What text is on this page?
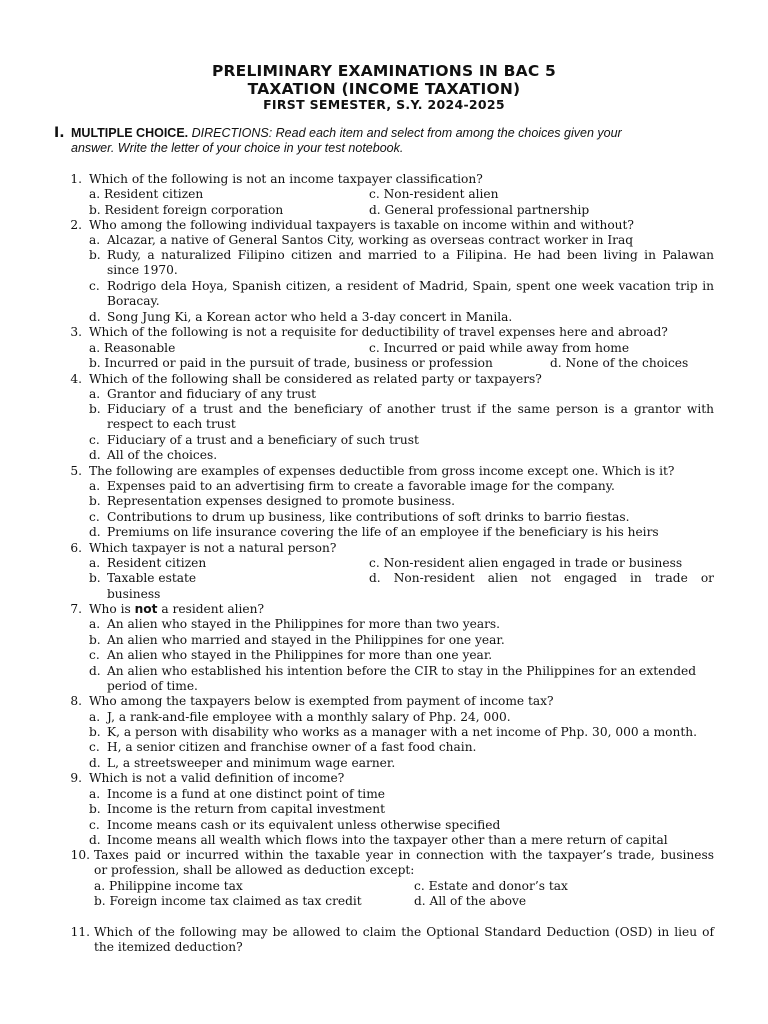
PRELIMINARY EXAMINATIONS IN BAC 5
TAXATION (INCOME TAXATION)
FIRST SEMESTER, S.Y. 2024-2025
I. MULTIPLE CHOICE. DIRECTIONS: Read each item and select from among the choices given your
answer. Write the letter of your choice in your test notebook.
1. Which of the following is not an income taxpayer classification?
a. Resident citizen	c. Non-resident alien
b. Resident foreign corporation	d. General professional partnership
2. Who among the following individual taxpayers is taxable on income within and without?
a. Alcazar, a native of General Santos City, working as overseas contract worker in Iraq
b. Rudy, a naturalized Filipino citizen and married to a Filipina. He had been living in Palawan
since 1970.
c. Rodrigo dela Hoya, Spanish citizen, a resident of Madrid, Spain, spent one week vacation trip in
Boracay.
d. Song Jung Ki, a Korean actor who held a 3-day concert in Manila.
3. Which of the following is not a requisite for deductibility of travel expenses here and abroad?
a. Reasonable	c. Incurred or paid while away from home
b. Incurred or paid in the pursuit of trade, business or profession	d. None of the choices
4. Which of the following shall be considered as related party or taxpayers?
a. Grantor and fiduciary of any trust
b. Fiduciary of a trust and the beneficiary of another trust if the same person is a grantor with
respect to each trust
c. Fiduciary of a trust and a beneficiary of such trust
d. All of the choices.
5. The following are examples of expenses deductible from gross income except one. Which is it?
a. Expenses paid to an advertising firm to create a favorable image for the company.
b. Representation expenses designed to promote business.
c. Contributions to drum up business, like contributions of soft drinks to barrio fiestas.
d. Premiums on life insurance covering the life of an employee if the beneficiary is his heirs
6. Which taxpayer is not a natural person?
a. Resident citizen	c. Non-resident alien engaged in trade or business
b. Taxable estate	d. Non-resident alien not engaged in trade or
business
7. Who is not a resident alien?
a. An alien who stayed in the Philippines for more than two years.
b. An alien who married and stayed in the Philippines for one year.
c. An alien who stayed in the Philippines for more than one year.
d. An alien who established his intention before the CIR to stay in the Philippines for an extended
period of time.
8. Who among the taxpayers below is exempted from payment of income tax?
a. J, a rank-and-file employee with a monthly salary of Php. 24, 000.
b. K, a person with disability who works as a manager with a net income of Php. 30, 000 a month.
c. H, a senior citizen and franchise owner of a fast food chain.
d. L, a streetsweeper and minimum wage earner.
9. Which is not a valid definition of income?
a. Income is a fund at one distinct point of time
b. Income is the return from capital investment
c. Income means cash or its equivalent unless otherwise specified
d. Income means all wealth which flows into the taxpayer other than a mere return of capital
10. Taxes paid or incurred within the taxable year in connection with the taxpayer’s trade, business
or profession, shall be allowed as deduction except:
a. Philippine income tax	c. Estate and donor’s tax
b. Foreign income tax claimed as tax credit	d. All of the above
11. Which of the following may be allowed to claim the Optional Standard Deduction (OSD) in lieu of
the itemized deduction?
